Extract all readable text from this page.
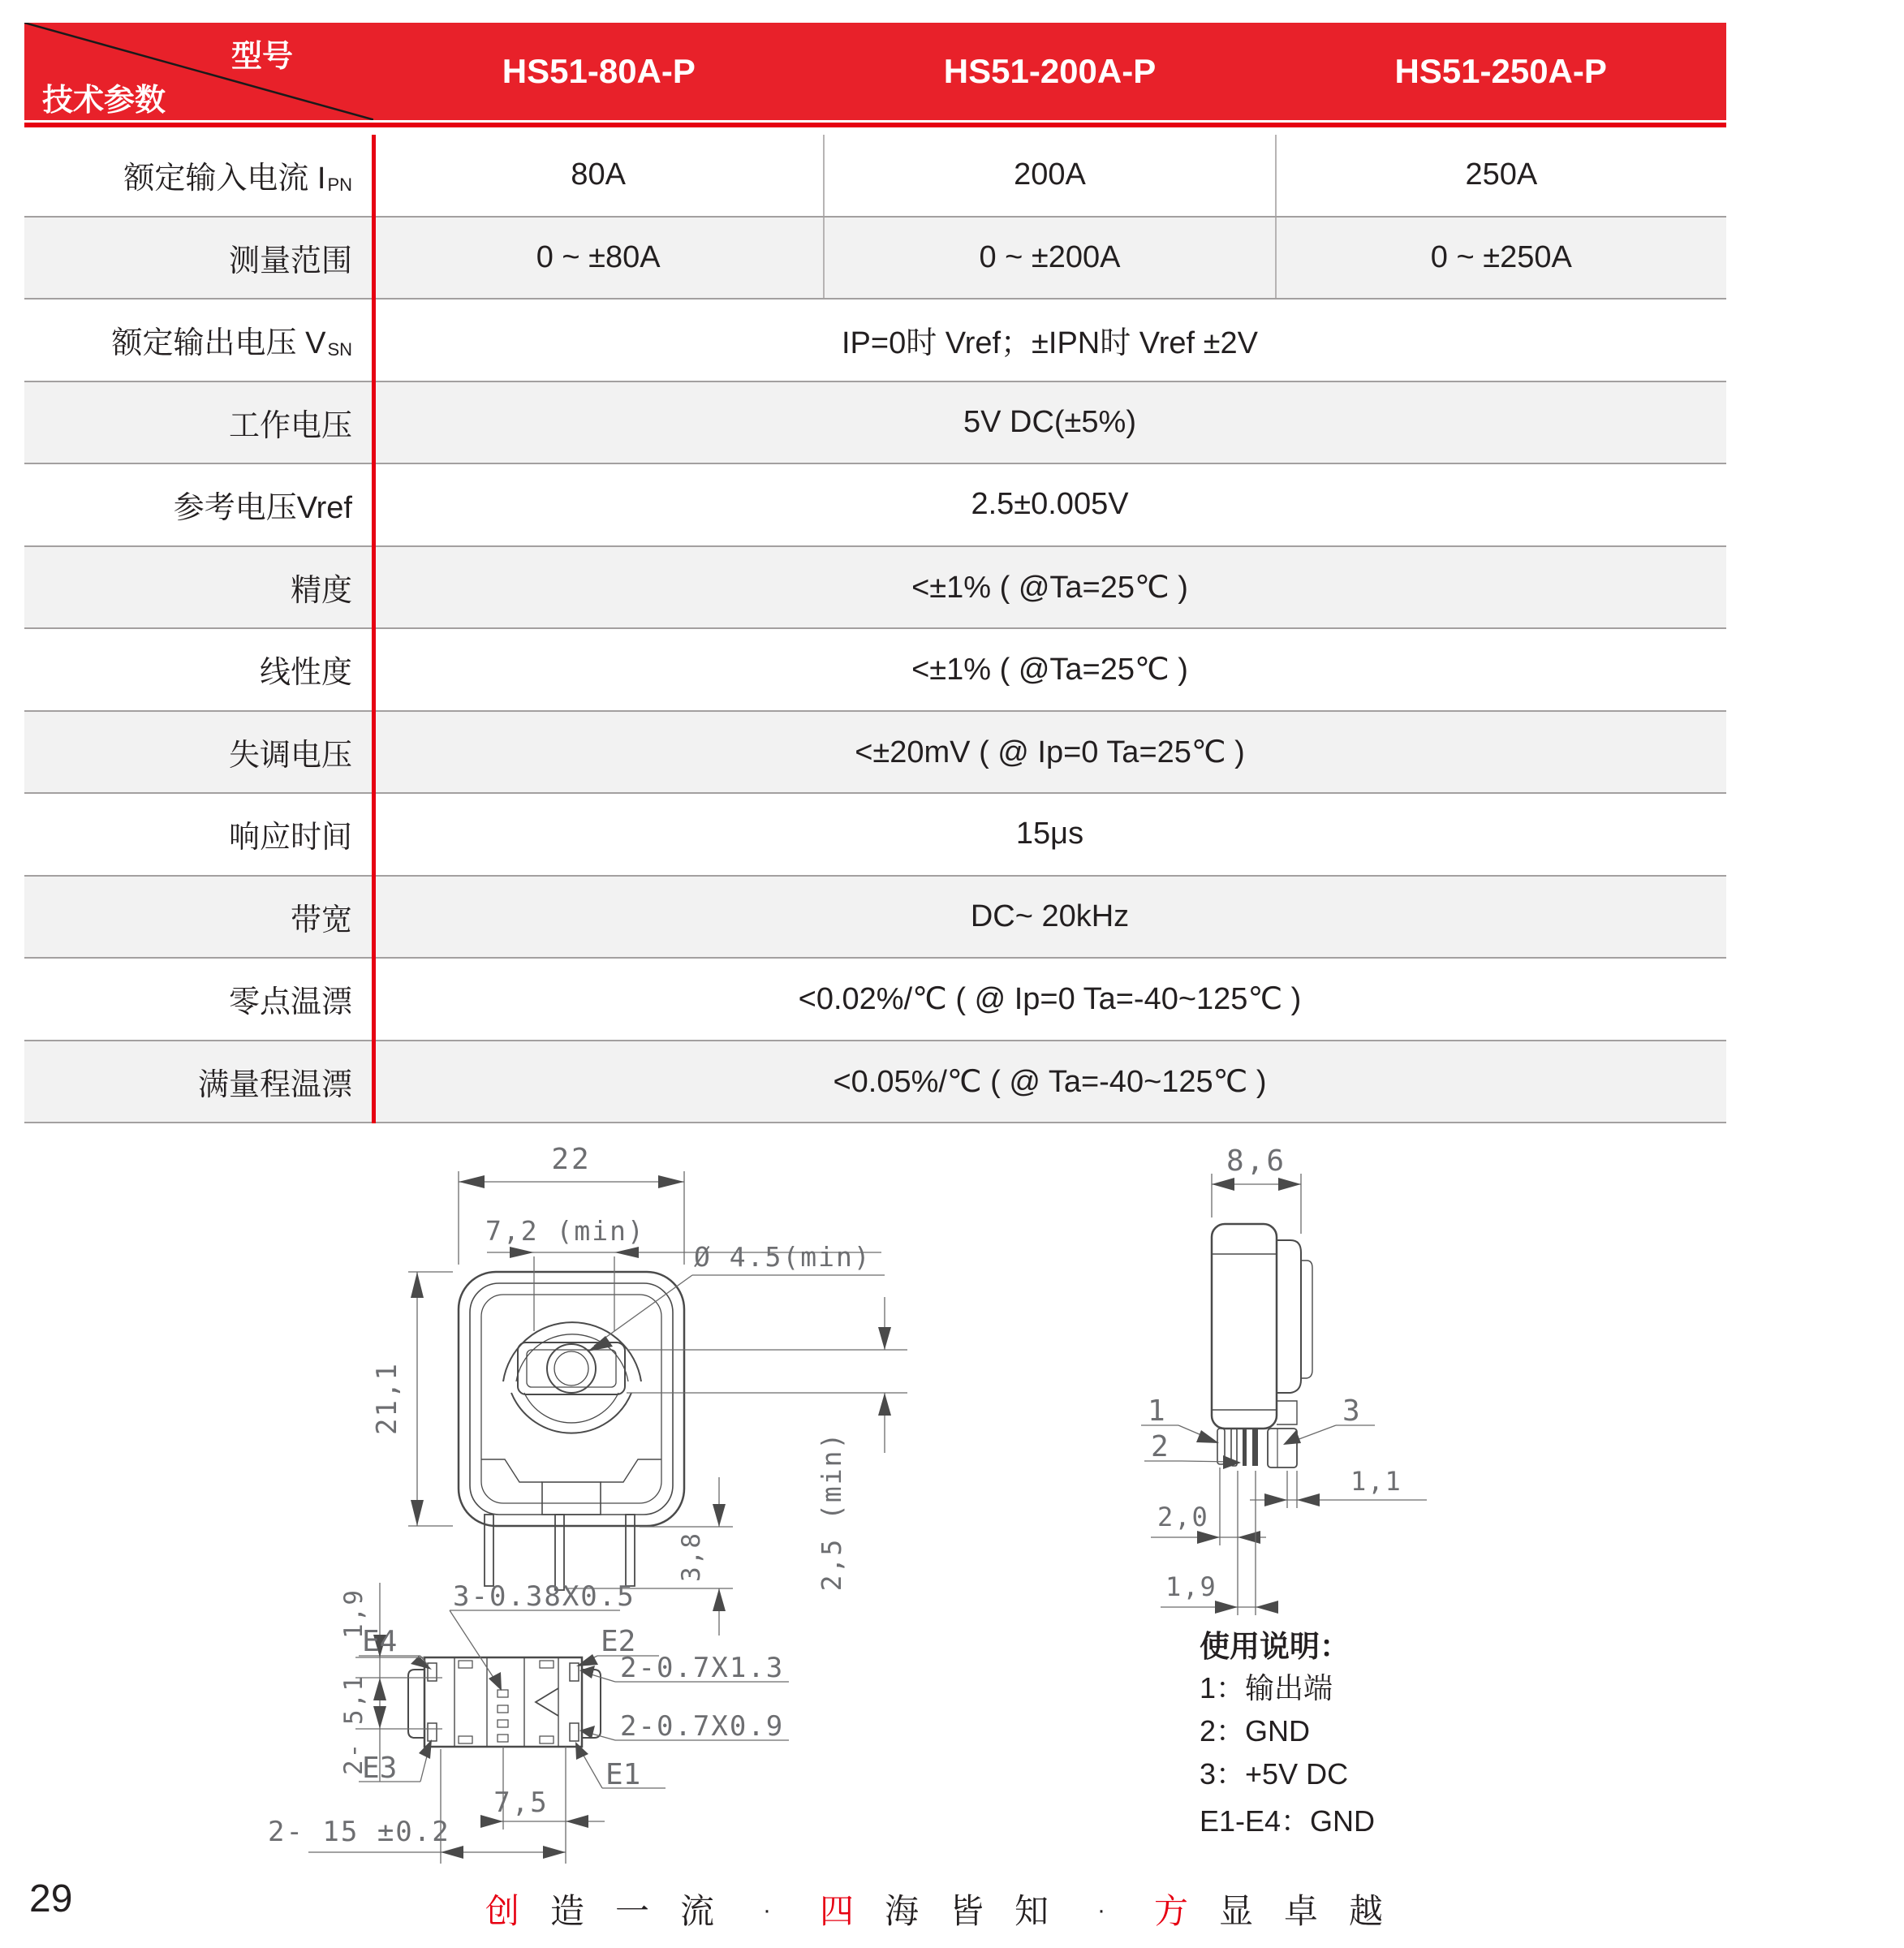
型号
技术参数
HS51-80A-P	HS51-200A-P	HS51-250A-P
额定输入电流 I PN	80A	200A	250A
测量范围	0 ~ ±80A	0 ~ ±200A	0 ~ ±250A
额定输出电压 V SN	IP=0时 Vref；±IPN时 Vref ±2V
工作电压	5V DC(±5%)
参考电压Vref	2.5±0.005V
精度	<±1% ( @Ta=25℃ )
线性度	<±1% ( @Ta=25℃ )
失调电压	<±20mV ( @ Ip=0 Ta=25℃ )
响应时间	15μs
带宽	DC~ 20kHz
零点温漂	<0.02%/℃ ( @ Ip=0 Ta=-40~125℃ )
满量程温漂	<0.05%/℃ ( @ Ta=-40~125℃ )
22
7,2 (min)
Ø 4.5(min)
21,1
3,8	2,5 (min)
8,6
1
2
3
1,1
2,0
1,9
3-0.38X0.5
E4	E2
E3	E1
2-0.7X1.3
2-0.7X0.9
7,5
2- 15 ±0.2
1,9
2- 5,1
使用说明：
1：输出端
2：GND
3：+5V DC
E1-E4：GND
29	创造一流 · 四海皆知 · 方显卓越
